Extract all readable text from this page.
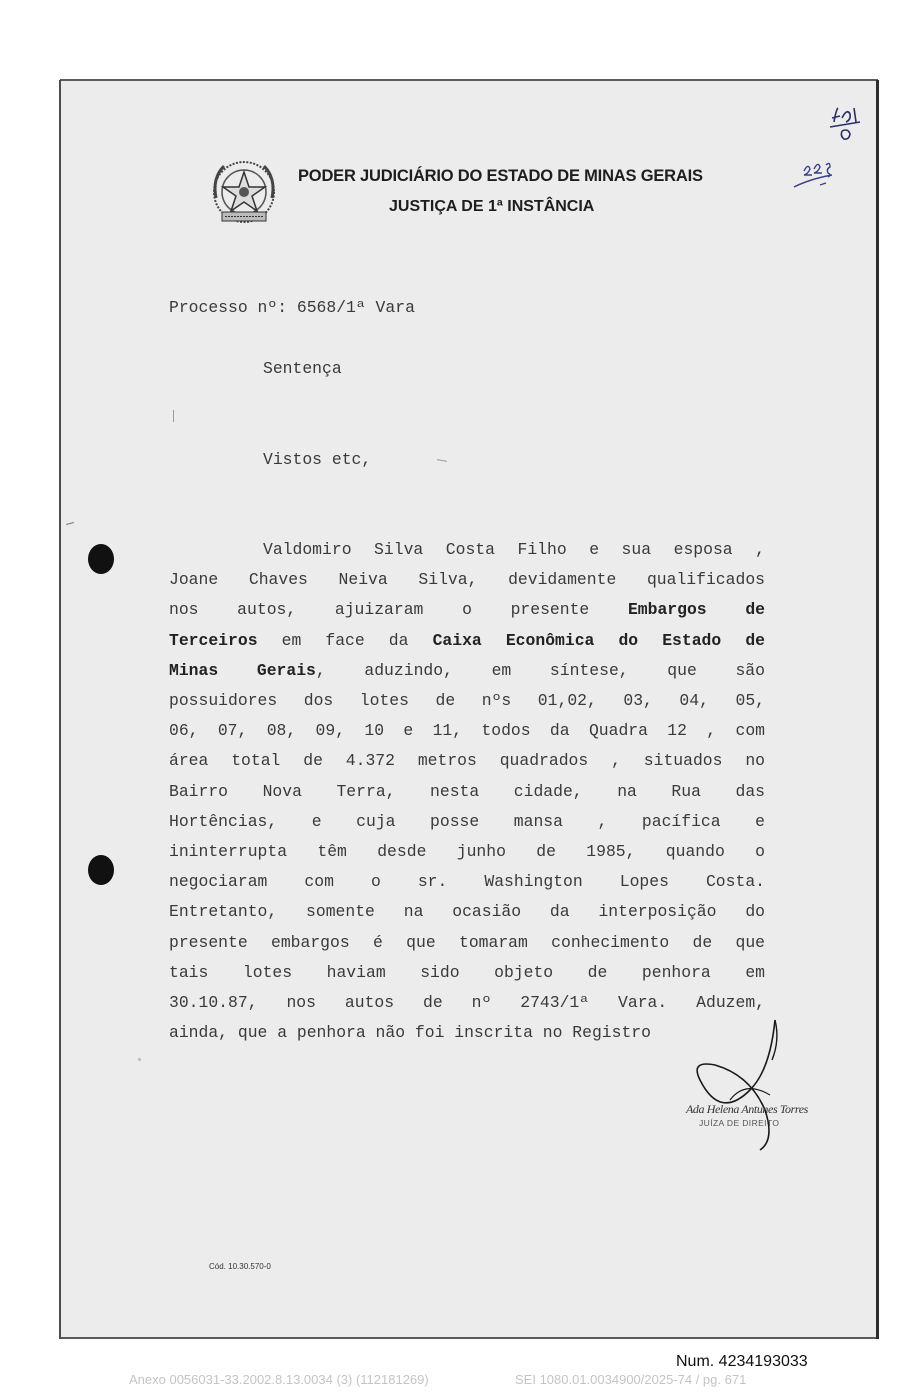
PODER JUDICIÁRIO DO ESTADO DE MINAS GERAIS
JUSTIÇA DE 1ª INSTÂNCIA
191
228
Processo nº: 6568/1ª Vara
Sentença
Vistos etc,
Valdomiro Silva Costa Filho e sua esposa ,
Joane Chaves Neiva Silva, devidamente qualificados
nos autos, ajuizaram o presente Embargos de
Terceiros em face da Caixa Econômica do Estado de
Minas Gerais, aduzindo, em síntese, que são
possuidores dos lotes de nºs 01,02, 03, 04, 05,
06, 07, 08, 09, 10 e 11, todos da Quadra 12 , com
área total de 4.372 metros quadrados , situados no
Bairro Nova Terra, nesta cidade, na Rua das
Hortências, e cuja posse mansa , pacífica e
ininterrupta têm desde junho de 1985, quando o
negociaram com o sr. Washington Lopes Costa.
Entretanto, somente na ocasião da interposição do
presente embargos é que tomaram conhecimento de que
tais lotes haviam sido objeto de penhora em
30.10.87, nos autos de nº 2743/1ª Vara. Aduzem,
ainda, que a penhora não foi inscrita no Registro
Ada Helena Antunes Torres
JUÍZA DE DIREITO
Cód. 10.30.570-0
Num. 4234193033
Anexo 0056031-33.2002.8.13.0034 (3) (112181269)	SEI 1080.01.0034900/2025-74 / pg. 671
